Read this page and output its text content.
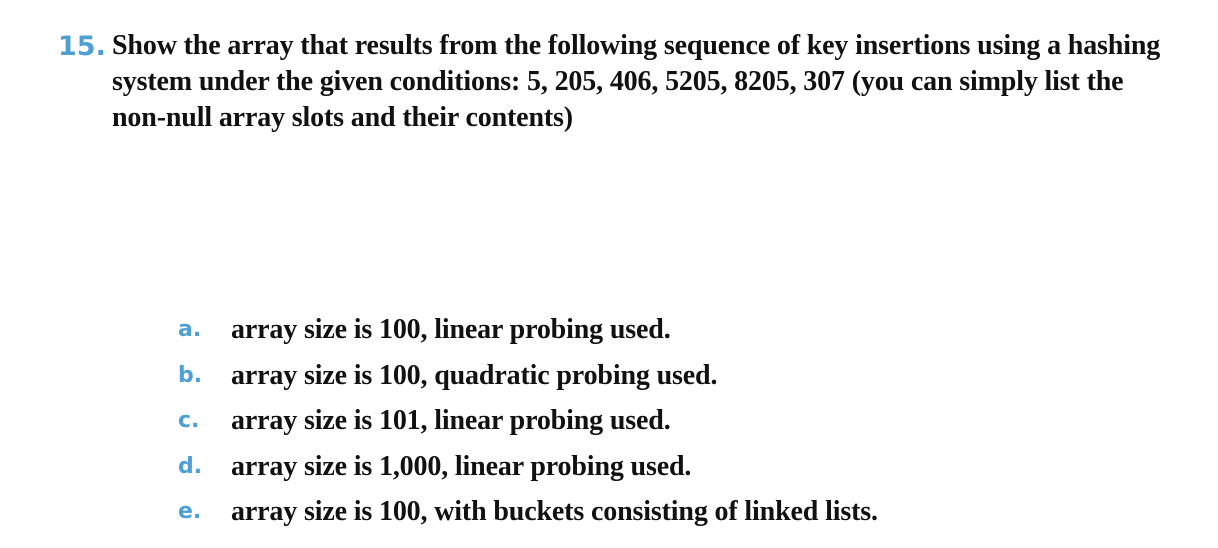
15. Show the array that results from the following sequence of key insertions using a hashing system under the given conditions: 5, 205, 406, 5205, 8205, 307 (you can simply list the non-null array slots and their contents)
a.	array size is 100, linear probing used.
b.	array size is 100, quadratic probing used.
c.	array size is 101, linear probing used.
d.	array size is 1,000, linear probing used.
e.	array size is 100, with buckets consisting of linked lists.
